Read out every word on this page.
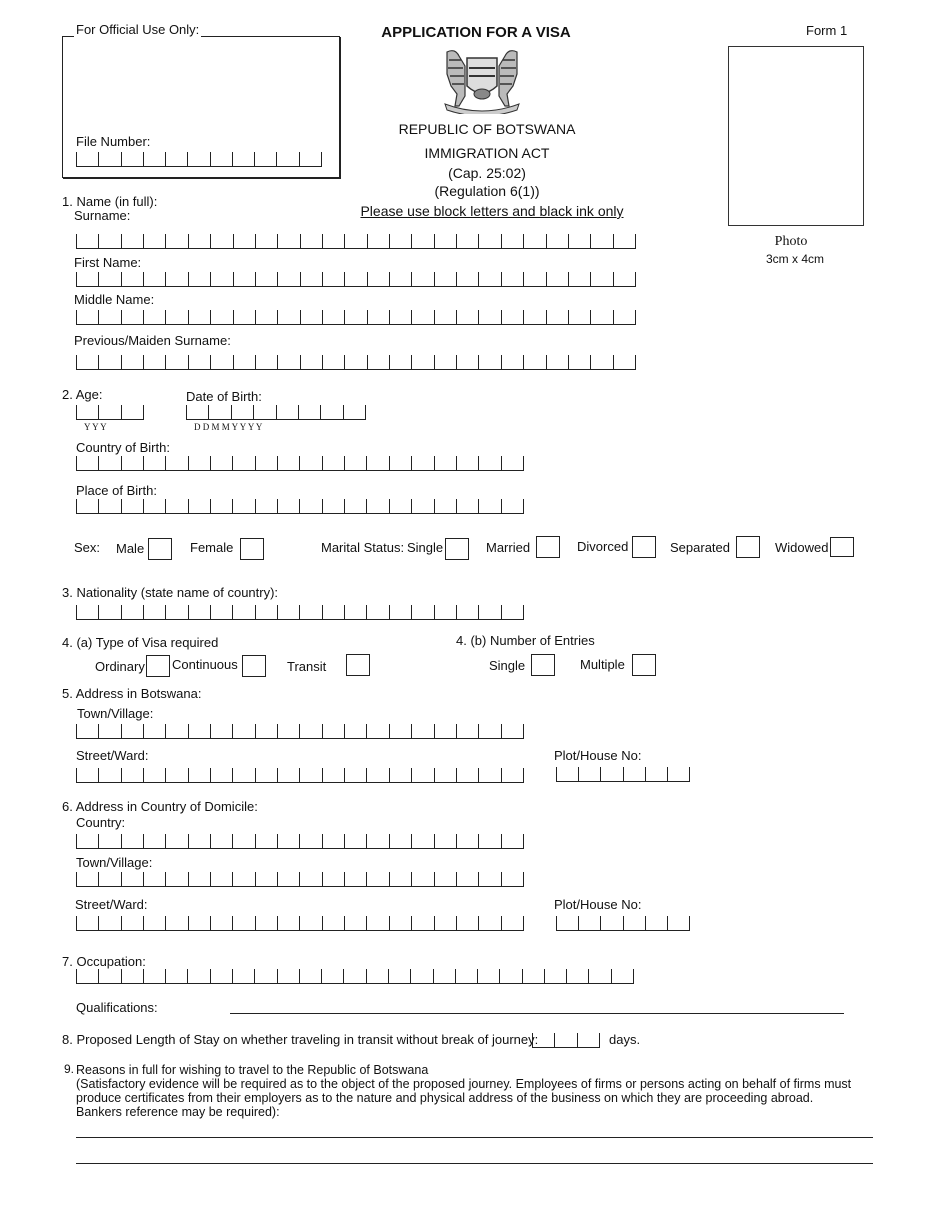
For Official Use Only:
File Number:
APPLICATION FOR A VISA	Form 1
REPUBLIC OF BOTSWANA
IMMIGRATION ACT
(Cap. 25:02)
(Regulation 6(1))
Please use block letters and black ink only
Photo
3cm x 4cm
1. Name (in full):
Surname:
First Name:
Middle Name:
Previous/Maiden Surname:
2. Age:
Y Y Y
Date of Birth:
D D M M Y Y Y Y
Country of Birth:
Place of Birth:
Sex: Male	Female	Marital Status: Single	Married	Divorced	Separated	Widowed
3. Nationality (state name of country):
4. (a) Type of Visa required
Ordinary Continuous	Transit
4. (b) Number of Entries
Single	Multiple
5. Address in Botswana:
Town/Village:
Street/Ward:	Plot/House No:
6. Address in Country of Domicile:
Country:
Town/Village:
Street/Ward:	Plot/House No:
7. Occupation:
Qualifications:
8. Proposed Length of Stay on whether traveling in transit without break of journey:	days.
9. Reasons in full for wishing to travel to the Republic of Botswana
(Satisfactory evidence will be required as to the object of the proposed journey. Employees of firms or persons acting on behalf of firms must
produce certificates from their employers as to the nature and physical address of the business on which they are proceeding abroad.
Bankers reference may be required):
